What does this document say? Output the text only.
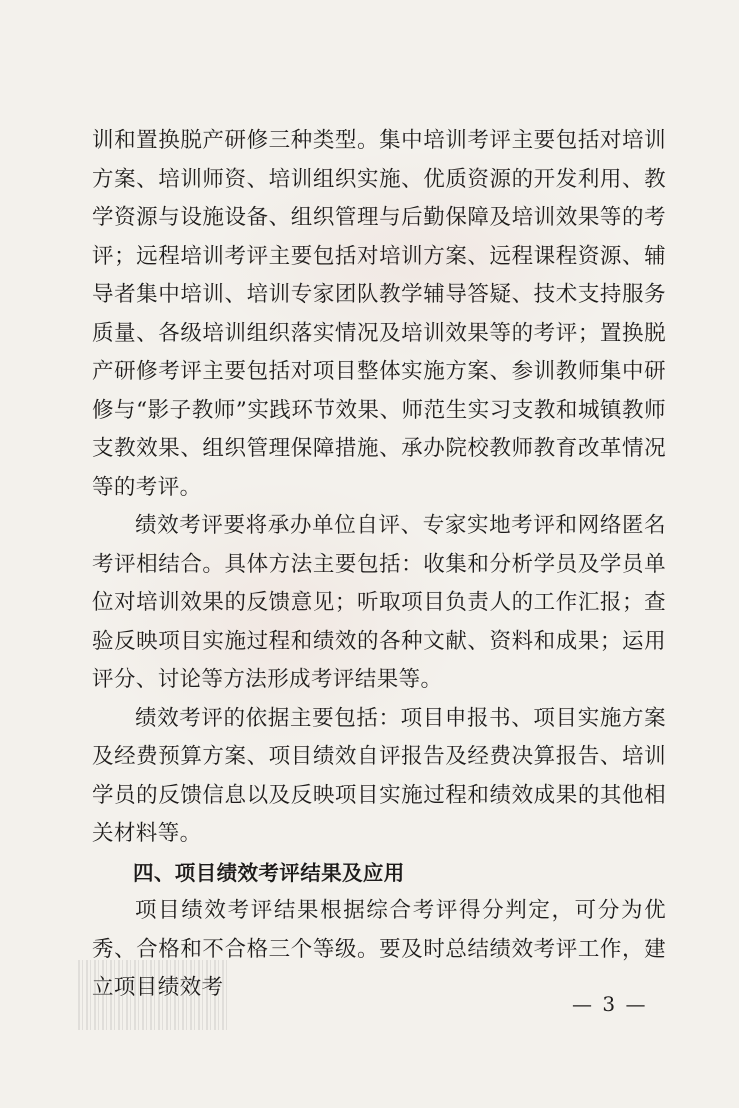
训和置换脱产研修三种类型。集中培训考评主要包括对培训方案、培训师资、培训组织实施、优质资源的开发利用、教学资源与设施设备、组织管理与后勤保障及培训效果等的考评；远程培训考评主要包括对培训方案、远程课程资源、辅导者集中培训、培训专家团队教学辅导答疑、技术支持服务质量、各级培训组织落实情况及培训效果等的考评；置换脱产研修考评主要包括对项目整体实施方案、参训教师集中研修与“影子教师”实践环节效果、师范生实习支教和城镇教师支教效果、组织管理保障措施、承办院校教师教育改革情况等的考评。

绩效考评要将承办单位自评、专家实地考评和网络匿名考评相结合。具体方法主要包括：收集和分析学员及学员单位对培训效果的反馈意见；听取项目负责人的工作汇报；查验反映项目实施过程和绩效的各种文献、资料和成果；运用评分、讨论等方法形成考评结果等。

绩效考评的依据主要包括：项目申报书、项目实施方案及经费预算方案、项目绩效自评报告及经费决算报告、培训学员的反馈信息以及反映项目实施过程和绩效成果的其他相关材料等。

四、项目绩效考评结果及应用

项目绩效考评结果根据综合考评得分判定，可分为优秀、合格和不合格三个等级。要及时总结绩效考评工作，建立项目绩效考

— 3 —
